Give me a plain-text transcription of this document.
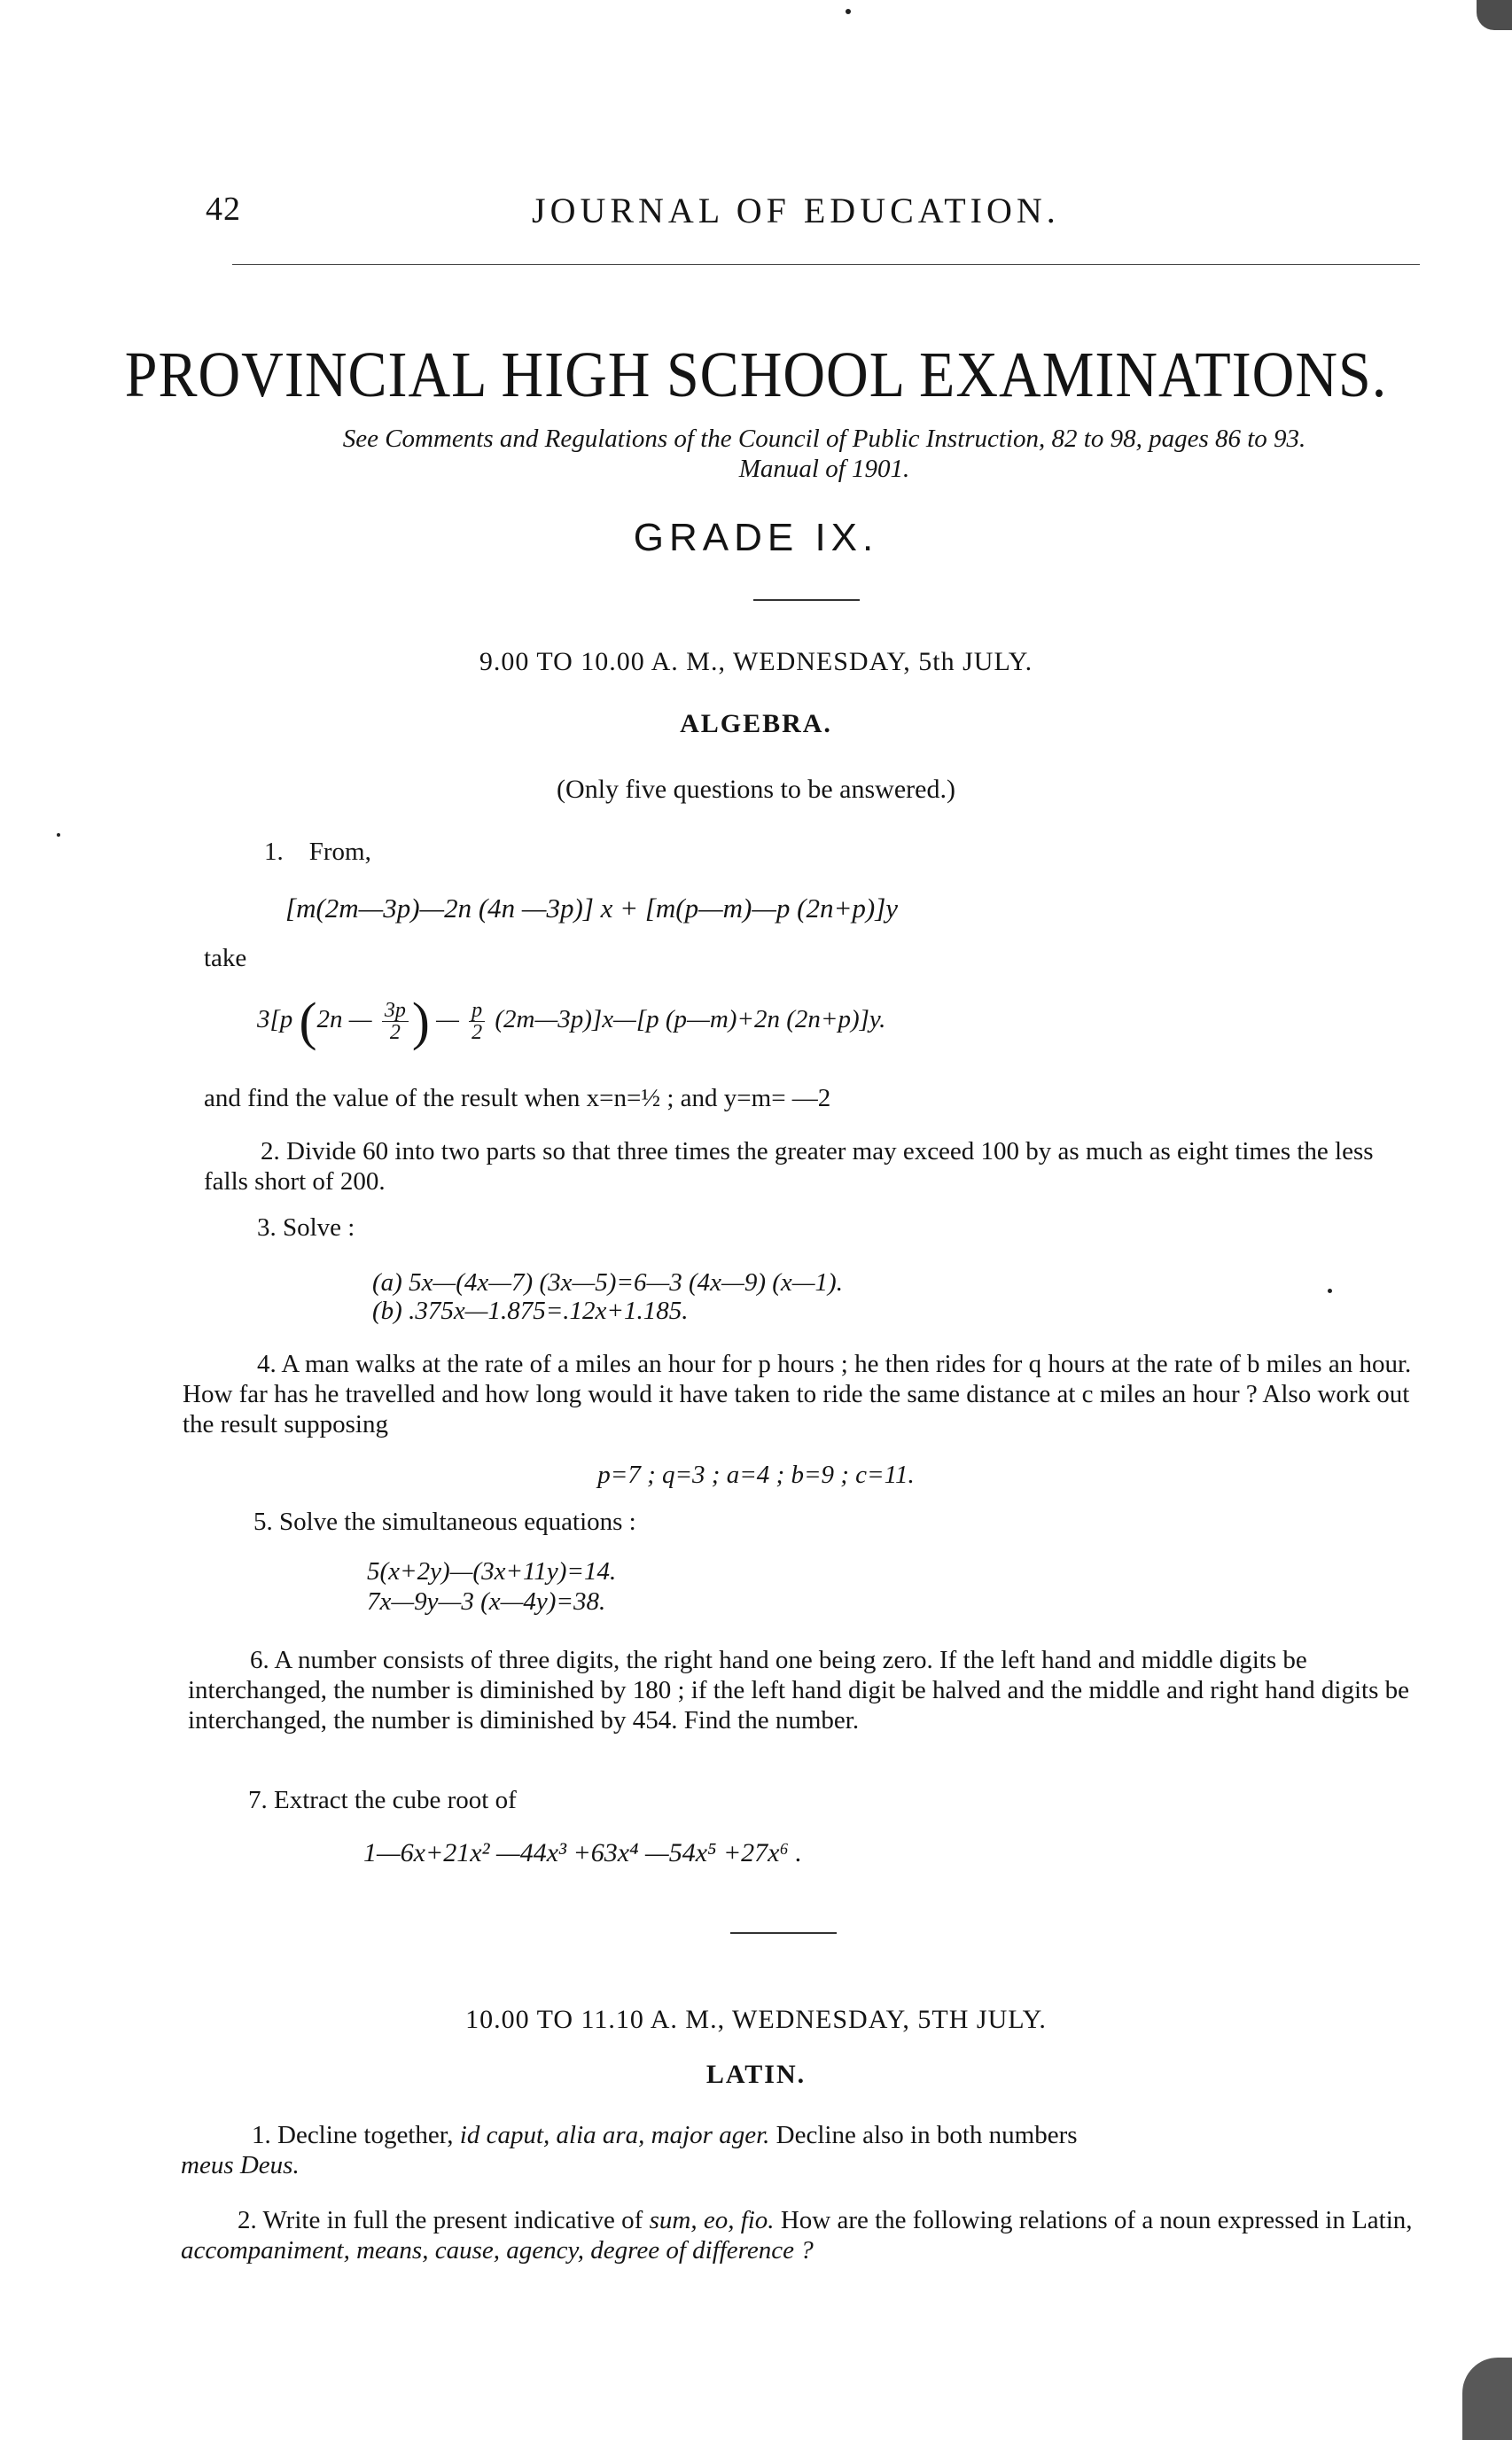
42	JOURNAL OF EDUCATION.
PROVINCIAL HIGH SCHOOL EXAMINATIONS.
See Comments and Regulations of the Council of Public Instruction, 82 to 98, pages 86 to 93.
Manual of 1901.
GRADE IX.
9.00 TO 10.00 A. M., WEDNESDAY, 5th JULY.
ALGEBRA.
(Only five questions to be answered.)
1. From,
[m(2m—3p)—2n (4n —3p)] x + [m(p—m)—p (2n+p)]y
take
3[p (2n — $\frac{3p}{2}$ ) — $\frac{p}{2}$ (2m—3p)]x—[p (p—m)+2n (2n+p)]y.
and find the value of the result when x=n=½ ; and y=m= —2
2. Divide 60 into two parts so that three times the greater may exceed 100 by as much as eight times the less falls short of 200.
3. Solve :
(a) 5x—(4x—7) (3x—5)=6—3 (4x—9) (x—1).
(b) .375x—1.875=.12x+1.185.
4. A man walks at the rate of a miles an hour for p hours ; he then rides for q hours at the rate of b miles an hour. How far has he travelled and how long would it have taken to ride the same distance at c miles an hour ? Also work out the result supposing
p=7 ; q=3 ; a=4 ; b=9 ; c=11.
5. Solve the simultaneous equations :
5(x+2y)—(3x+11y)=14.
7x—9y—3 (x—4y)=38.
6. A number consists of three digits, the right hand one being zero. If the left hand and middle digits be interchanged, the number is diminished by 180 ; if the left hand digit be halved and the middle and right hand digits be interchanged, the number is diminished by 454. Find the number.
7. Extract the cube root of
1—6x+21x² —44x³ +63x⁴ —54x⁵ +27x⁶ .
10.00 TO 11.10 A. M., WEDNESDAY, 5TH JULY.
LATIN.
1. Decline together, id caput, alia ara, major ager. Decline also in both numbers
meus Deus.
2. Write in full the present indicative of sum, eo, fio. How are the following relations of a noun expressed in Latin, accompaniment, means, cause, agency, degree of difference ?
